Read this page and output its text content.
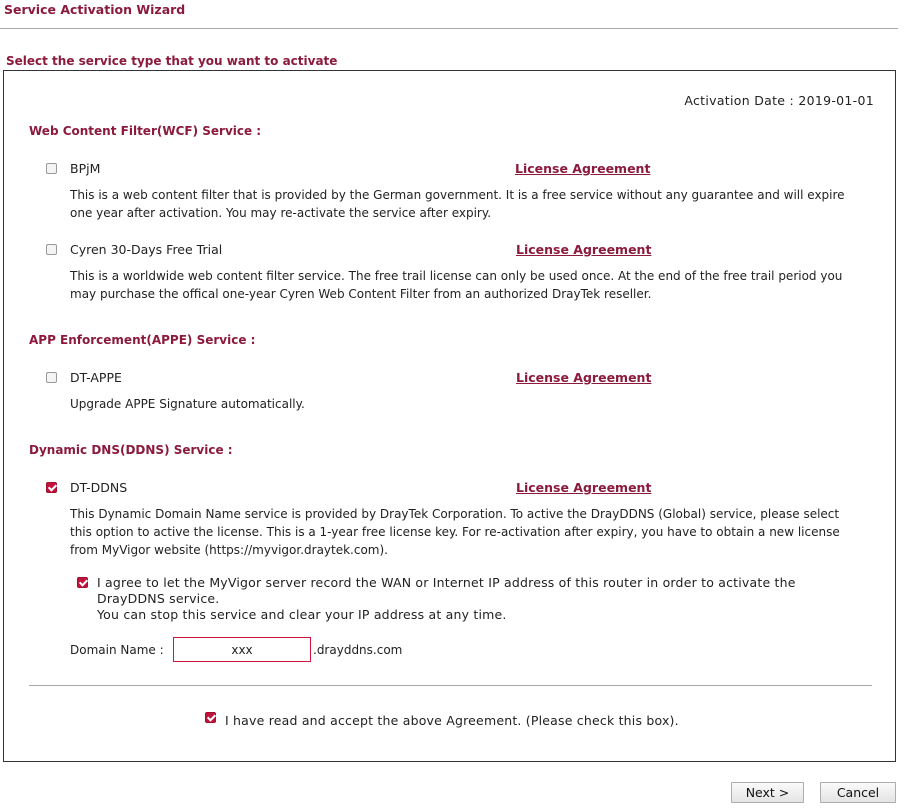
Service Activation Wizard
Select the service type that you want to activate
Activation Date : 2019-01-01
Web Content Filter(WCF) Service :
BPjM	License Agreement
This is a web content filter that is provided by the German government. It is a free service without any guarantee and will expire
one year after activation. You may re-activate the service after expiry.
Cyren 30-Days Free Trial	License Agreement
This is a worldwide web content filter service. The free trail license can only be used once. At the end of the free trail period you
may purchase the offical one-year Cyren Web Content Filter from an authorized DrayTek reseller.
APP Enforcement(APPE) Service :
DT-APPE	License Agreement
Upgrade APPE Signature automatically.
Dynamic DNS(DDNS) Service :
DT-DDNS	License Agreement
This Dynamic Domain Name service is provided by DrayTek Corporation. To active the DrayDDNS (Global) service, please select
this option to active the license. This is a 1-year free license key. For re-activation after expiry, you have to obtain a new license
from MyVigor website (https://myvigor.draytek.com).
I agree to let the MyVigor server record the WAN or Internet IP address of this router in order to activate the
DrayDDNS service.
You can stop this service and clear your IP address at any time.
Domain Name :
xxx	.drayddns.com
I have read and accept the above Agreement. (Please check this box).
Next >	Cancel
